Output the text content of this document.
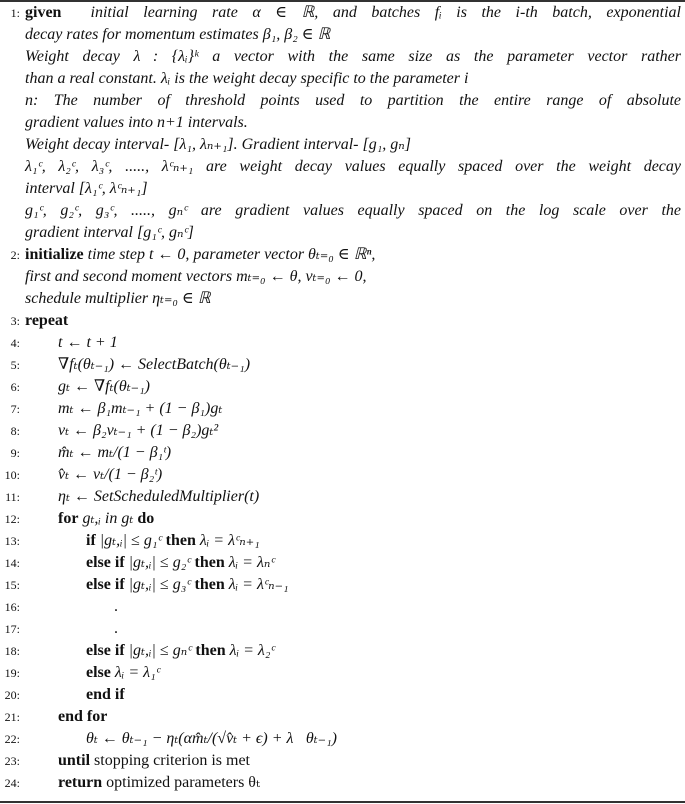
1: given initial learning rate α ∈ ℝ, and batches fᵢ is the i-th batch, exponential
decay rates for momentum estimates β₁, β₂ ∈ ℝ
Weight decay λ⃗: {λᵢ}ᵏ a vector with the same size as the parameter vector rather
than a real constant. λᵢ is the weight decay specific to the parameter i
n: The number of threshold points used to partition the entire range of absolute
gradient values into n+1 intervals.
Weight decay interval- [λ₁, λₙ₊₁]. Gradient interval- [g₁, gₙ]
λ₁ᶜ, λ₂ᶜ, λ₃ᶜ, ....., λᶜₙ₊₁ are weight decay values equally spaced over the weight decay
interval [λ₁ᶜ, λᶜₙ₊₁]
g₁ᶜ, g₂ᶜ, g₃ᶜ, ....., gₙᶜ are gradient values equally spaced on the log scale over the
gradient interval [g₁ᶜ, gₙᶜ]
2: initialize time step t ← 0, parameter vector θₜ₌₀ ∈ ℝⁿ,
first and second moment vectors mₜ₌₀ ← θ, vₜ₌₀ ← 0,
schedule multiplier ηₜ₌₀ ∈ ℝ
3: repeat
4: t ← t + 1
5: ∇fₜ(θₜ₋₁) ← SelectBatch(θₜ₋₁)
6: gₜ ← ∇fₜ(θₜ₋₁)
7: mₜ ← β₁mₜ₋₁ + (1 − β₁)gₜ
8: vₜ ← β₂vₜ₋₁ + (1 − β₂)gₜ²
9: m̂ₜ ← mₜ/(1 − β₁ᵗ)
10: v̂ₜ ← vₜ/(1 − β₂ᵗ)
11: ηₜ ← SetScheduledMultiplier(t)
12: for gₜ,ᵢ in gₜ do
13:	if |gₜ,ᵢ| ≤ g₁ᶜ then λᵢ = λᶜₙ₊₁
14:	else if |gₜ,ᵢ| ≤ g₂ᶜ then λᵢ = λₙᶜ
15:	else if |gₜ,ᵢ| ≤ g₃ᶜ then λᵢ = λᶜₙ₋₁
16:	.
17:	.
18:	else if |gₜ,ᵢ| ≤ gₙᶜ then λᵢ = λ₂ᶜ
19:	else λᵢ = λ₁ᶜ
20:	end if
21: end for
22:	θₜ ← θₜ₋₁ − ηₜ(αm̂ₜ/(√v̂ₜ + ϵ) + λ⃗θₜ₋₁)
23: until stopping criterion is met
24: return optimized parameters θₜ
